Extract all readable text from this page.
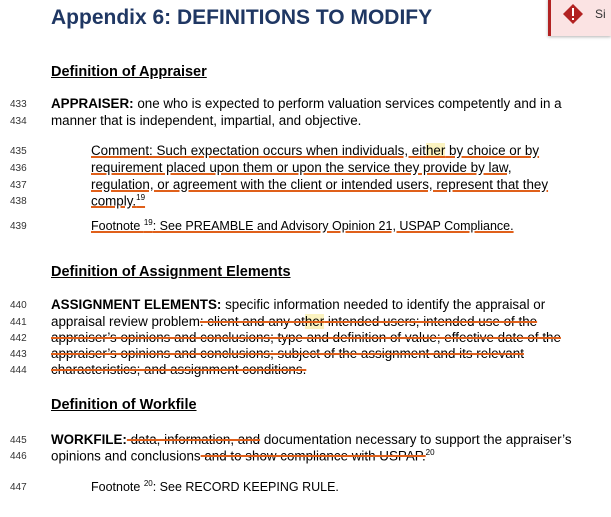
Appendix 6: DEFINITIONS TO MODIFY	Si
Definition of Appraiser
433
434
APPRAISER: one who is expected to perform valuation services competently and in a
manner that is independent, impartial, and objective.
435
436
437
438
Comment: Such expectation occurs when individuals, either by choice or by
requirement placed upon them or upon the service they provide by law,
regulation, or agreement with the client or intended users, represent that they
comply.$^{19}$
439	Footnote $^{19}$: See PREAMBLE and Advisory Opinion 21, USPAP Compliance.
Definition of Assignment Elements
440
441
442
443
444
ASSIGNMENT ELEMENTS: specific information needed to identify the appraisal or
appraisal review problem: client and any other intended users; intended use of the
appraiser’s opinions and conclusions; type and definition of value; effective date of the
appraiser’s opinions and conclusions; subject of the assignment and its relevant
characteristics; and assignment conditions.
Definition of Workfile
445
446
WORKFILE: data, information, and documentation necessary to support the appraiser’s
opinions and conclusions and to show compliance with USPAP.$^{20}$
447	Footnote $^{20}$: See RECORD KEEPING RULE.
